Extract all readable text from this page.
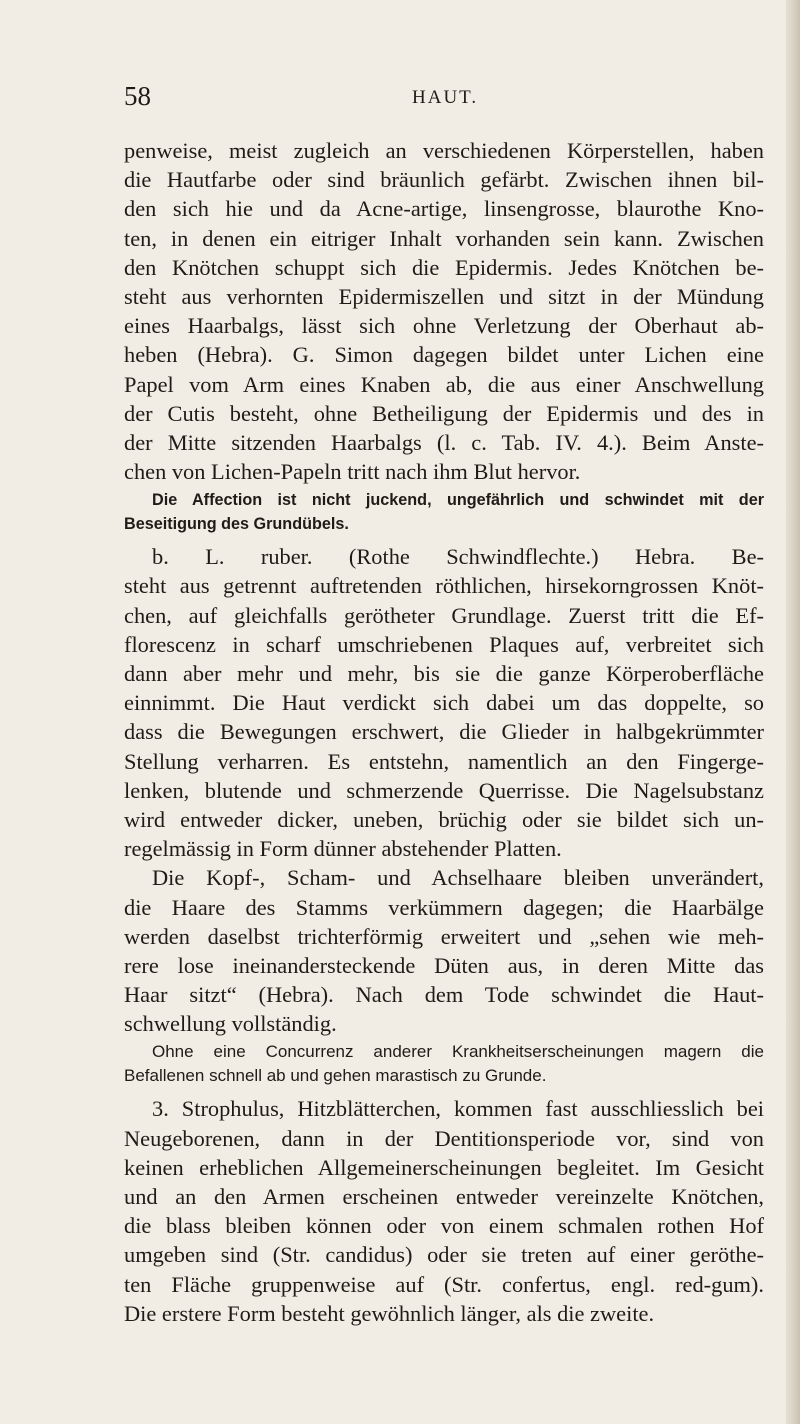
58	HAUT.
penweise, meist zugleich an verschiedenen Körperstellen, haben
die Hautfarbe oder sind bräunlich gefärbt. Zwischen ihnen bil-
den sich hie und da Acne-artige, linsengrosse, blaurothe Kno-
ten, in denen ein eitriger Inhalt vorhanden sein kann. Zwischen
den Knötchen schuppt sich die Epidermis. Jedes Knötchen be-
steht aus verhornten Epidermiszellen und sitzt in der Mündung
eines Haarbalgs, lässt sich ohne Verletzung der Oberhaut ab-
heben (Hebra). G. Simon dagegen bildet unter Lichen eine
Papel vom Arm eines Knaben ab, die aus einer Anschwellung
der Cutis besteht, ohne Betheiligung der Epidermis und des in
der Mitte sitzenden Haarbalgs (l. c. Tab. IV. 4.). Beim Anste-
chen von Lichen-Papeln tritt nach ihm Blut hervor.
Die Affection ist nicht juckend, ungefährlich und schwindet mit der
Beseitigung des Grundübels.
b. L. ruber. (Rothe Schwindflechte.) Hebra. Be-
steht aus getrennt auftretenden röthlichen, hirsekorngrossen Knöt-
chen, auf gleichfalls gerötheter Grundlage. Zuerst tritt die Ef-
florescenz in scharf umschriebenen Plaques auf, verbreitet sich
dann aber mehr und mehr, bis sie die ganze Körperoberfläche
einnimmt. Die Haut verdickt sich dabei um das doppelte, so
dass die Bewegungen erschwert, die Glieder in halbgekrümmter
Stellung verharren. Es entstehn, namentlich an den Fingerge-
lenken, blutende und schmerzende Querrisse. Die Nagelsubstanz
wird entweder dicker, uneben, brüchig oder sie bildet sich un-
regelmässig in Form dünner abstehender Platten.
Die Kopf-, Scham- und Achselhaare bleiben unverändert,
die Haare des Stamms verkümmern dagegen; die Haarbälge
werden daselbst trichterförmig erweitert und „sehen wie meh-
rere lose ineinandersteckende Düten aus, in deren Mitte das
Haar sitzt“ (Hebra). Nach dem Tode schwindet die Haut-
schwellung vollständig.
Ohne eine Concurrenz anderer Krankheitserscheinungen magern die
Befallenen schnell ab und gehen marastisch zu Grunde.
3. Strophulus, Hitzblätterchen, kommen fast ausschliesslich bei
Neugeborenen, dann in der Dentitionsperiode vor, sind von
keinen erheblichen Allgemeinerscheinungen begleitet. Im Gesicht
und an den Armen erscheinen entweder vereinzelte Knötchen,
die blass bleiben können oder von einem schmalen rothen Hof
umgeben sind (Str. candidus) oder sie treten auf einer geröthe-
ten Fläche gruppenweise auf (Str. confertus, engl. red-gum).
Die erstere Form besteht gewöhnlich länger, als die zweite.
